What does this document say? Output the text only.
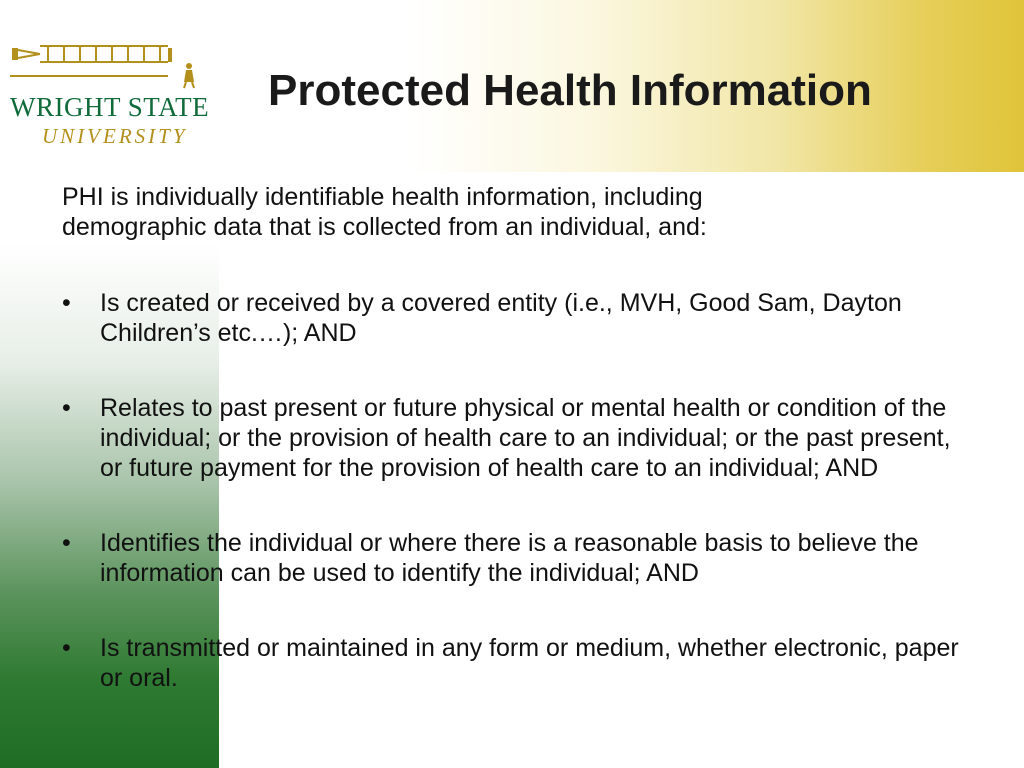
WRIGHT STATE
UNIVERSITY
Protected Health Information

PHI is individually identifiable health information, including demographic data that is collected from an individual, and:

• Is created or received by a covered entity (i.e., MVH, Good Sam, Dayton Children’s etc.…); AND
• Relates to past present or future physical or mental health or condition of the individual; or the provision of health care to an individual; or the past present, or future payment for the provision of health care to an individual; AND
• Identifies the individual or where there is a reasonable basis to believe the information can be used to identify the individual; AND
• Is transmitted or maintained in any form or medium, whether electronic, paper or oral.
